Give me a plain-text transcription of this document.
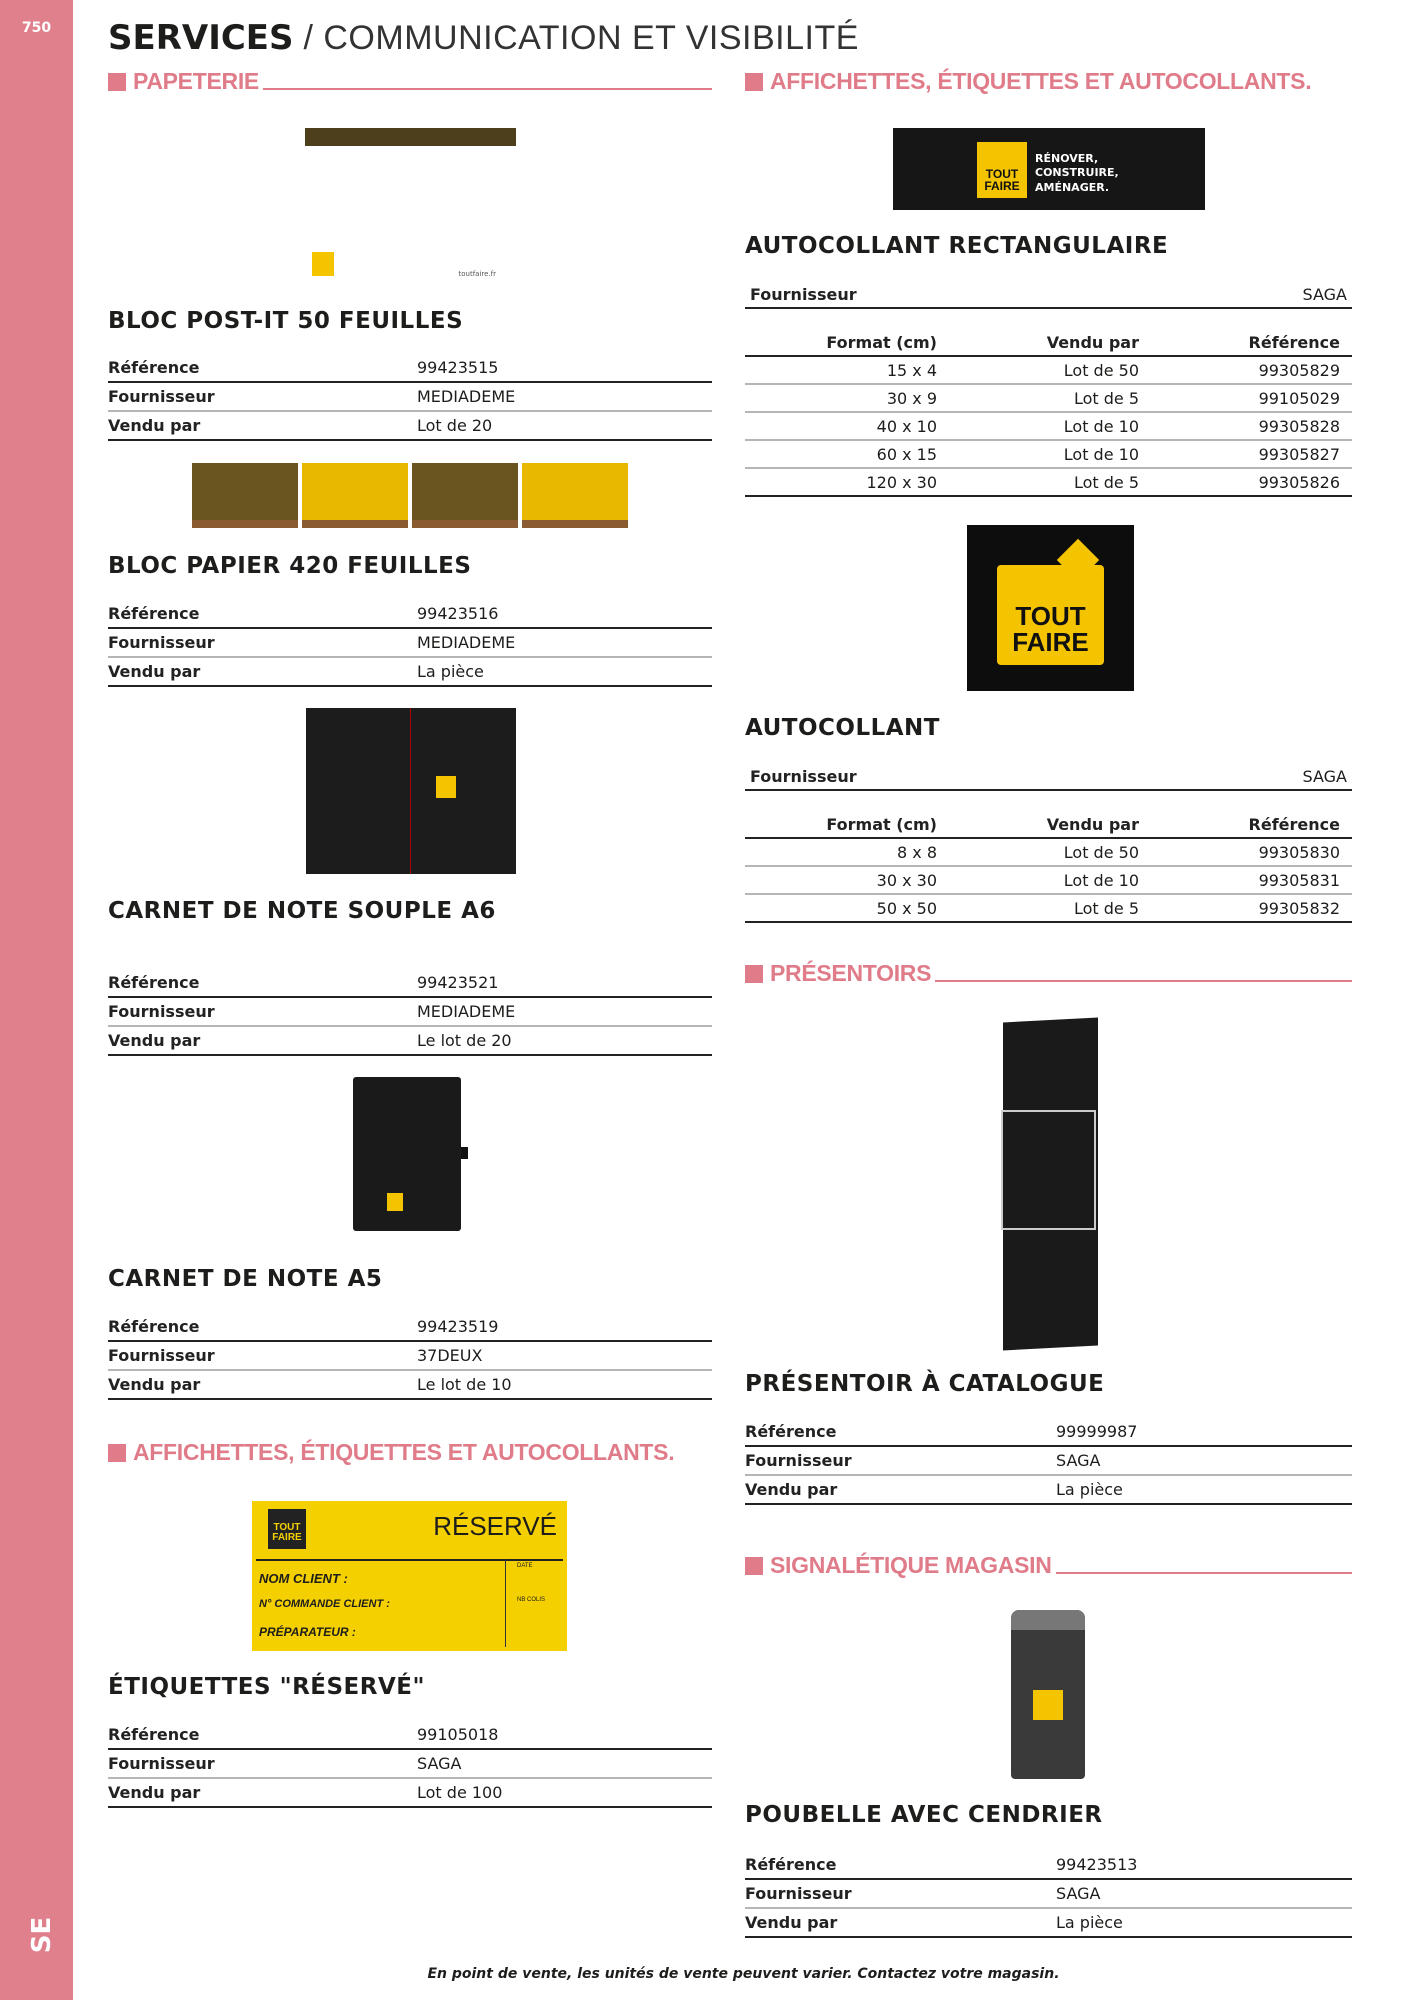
750
SE
SERVICES / COMMUNICATION ET VISIBILITÉ
PAPETERIE	AFFICHETTES, ÉTIQUETTES ET AUTOCOLLANTS.
AFFICHETTES, ÉTIQUETTES ET AUTOCOLLANTS.
PRÉSENTOIRS
SIGNALÉTIQUE MAGASIN
toutfaire.fr
TOUT
FAIRE	RÉSERVÉ
NOM CLIENT :
N° COMMANDE CLIENT :
PRÉPARATEUR :
DATE
NB COLIS
TOUT
FAIRE
RÉNOVER, CONSTRUIRE, AMÉNAGER.
TOUT
FAIRE
BLOC POST-IT 50 FEUILLES
Référence	99423515
Fournisseur	MEDIADEME
Vendu par	Lot de 20
BLOC PAPIER 420 FEUILLES
Référence	99423516
Fournisseur	MEDIADEME
Vendu par	La pièce
CARNET DE NOTE SOUPLE A6
Référence	99423521
Fournisseur	MEDIADEME
Vendu par	Le lot de 20
CARNET DE NOTE A5
Référence	99423519
Fournisseur	37DEUX
Vendu par	Le lot de 10
ÉTIQUETTES "RÉSERVÉ"
Référence	99105018
Fournisseur	SAGA
Vendu par	Lot de 100
PRÉSENTOIR À CATALOGUE
Référence	99999987
Fournisseur	SAGA
Vendu par	La pièce
POUBELLE AVEC CENDRIER
Référence	99423513
Fournisseur	SAGA
Vendu par	La pièce
AUTOCOLLANT RECTANGULAIRE
Fournisseur	SAGA
Format (cm)	Vendu par	Référence
15 x 4	Lot de 50	99305829
30 x 9	Lot de 5	99105029
40 x 10	Lot de 10	99305828
60 x 15	Lot de 10	99305827
120 x 30	Lot de 5	99305826
AUTOCOLLANT
Fournisseur	SAGA
Format (cm)	Vendu par	Référence
8 x 8	Lot de 50	99305830
30 x 30	Lot de 10	99305831
50 x 50	Lot de 5	99305832
En point de vente, les unités de vente peuvent varier. Contactez votre magasin.
